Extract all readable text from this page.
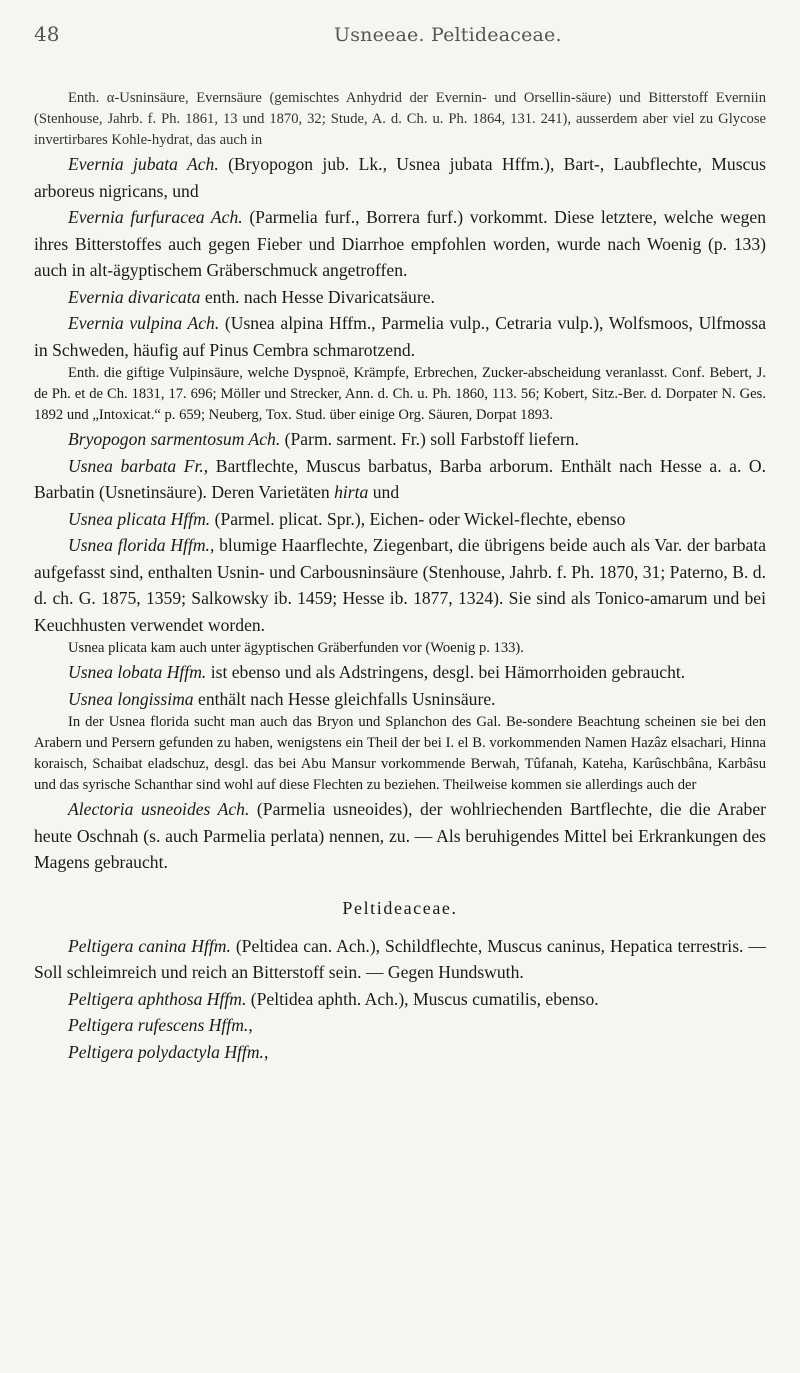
48	Usneeae. Peltideaceae.

Enth. α-Usninsäure, Evernsäure (gemischtes Anhydrid der Evernin- und Orsellin-säure) und Bitterstoff Everniin (Stenhouse, Jahrb. f. Ph. 1861, 13 und 1870, 32; Stude, A. d. Ch. u. Ph. 1864, 131. 241), ausserdem aber viel zu Glycose invertirbares Kohle-hydrat, das auch in

Evernia jubata Ach. (Bryopogon jub. Lk., Usnea jubata Hffm.), Bart-, Laubflechte, Muscus arboreus nigricans, und

Evernia furfuracea Ach. (Parmelia furf., Borrera furf.) vorkommt. Diese letztere, welche wegen ihres Bitterstoffes auch gegen Fieber und Diarrhoe empfohlen worden, wurde nach Woenig (p. 133) auch in alt-ägyptischem Gräberschmuck angetroffen.

Evernia divaricata enth. nach Hesse Divaricatsäure.

Evernia vulpina Ach. (Usnea alpina Hffm., Parmelia vulp., Cetraria vulp.), Wolfsmoos, Ulfmossa in Schweden, häufig auf Pinus Cembra schmarotzend.

Enth. die giftige Vulpinsäure, welche Dyspnoë, Krämpfe, Erbrechen, Zucker-abscheidung veranlasst. Conf. Bebert, J. de Ph. et de Ch. 1831, 17. 696; Möller und Strecker, Ann. d. Ch. u. Ph. 1860, 113. 56; Kobert, Sitz.-Ber. d. Dorpater N. Ges. 1892 und „Intoxicat.“ p. 659; Neuberg, Tox. Stud. über einige Org. Säuren, Dorpat 1893.

Bryopogon sarmentosum Ach. (Parm. sarment. Fr.) soll Farbstoff liefern.

Usnea barbata Fr., Bartflechte, Muscus barbatus, Barba arborum. Enthält nach Hesse a. a. O. Barbatin (Usnetinsäure). Deren Varietäten hirta und

Usnea plicata Hffm. (Parmel. plicat. Spr.), Eichen- oder Wickel-flechte, ebenso

Usnea florida Hffm., blumige Haarflechte, Ziegenbart, die übrigens beide auch als Var. der barbata aufgefasst sind, enthalten Usnin- und Carbousninsäure (Stenhouse, Jahrb. f. Ph. 1870, 31; Paterno, B. d. d. ch. G. 1875, 1359; Salkowsky ib. 1459; Hesse ib. 1877, 1324). Sie sind als Tonico-amarum und bei Keuchhusten verwendet worden.

Usnea plicata kam auch unter ägyptischen Gräberfunden vor (Woenig p. 133).

Usnea lobata Hffm. ist ebenso und als Adstringens, desgl. bei Hämorrhoiden gebraucht.

Usnea longissima enthält nach Hesse gleichfalls Usninsäure.

In der Usnea florida sucht man auch das Bryon und Splanchon des Gal. Be-sondere Beachtung scheinen sie bei den Arabern und Persern gefunden zu haben, wenigstens ein Theil der bei I. el B. vorkommenden Namen Hazâz elsachari, Hinna koraisch, Schaibat eladschuz, desgl. das bei Abu Mansur vorkommende Berwah, Tûfanah, Kateha, Karûschbâna, Karbâsu und das syrische Schanthar sind wohl auf diese Flechten zu beziehen. Theilweise kommen sie allerdings auch der

Alectoria usneoides Ach. (Parmelia usneoides), der wohlriechenden Bartflechte, die die Araber heute Oschnah (s. auch Parmelia perlata) nennen, zu. — Als beruhigendes Mittel bei Erkrankungen des Magens gebraucht.

Peltideaceae.

Peltigera canina Hffm. (Peltidea can. Ach.), Schildflechte, Muscus caninus, Hepatica terrestris. — Soll schleimreich und reich an Bitterstoff sein. — Gegen Hundswuth.

Peltigera aphthosa Hffm. (Peltidea aphth. Ach.), Muscus cumatilis, ebenso.

Peltigera rufescens Hffm.,

Peltigera polydactyla Hffm.,
